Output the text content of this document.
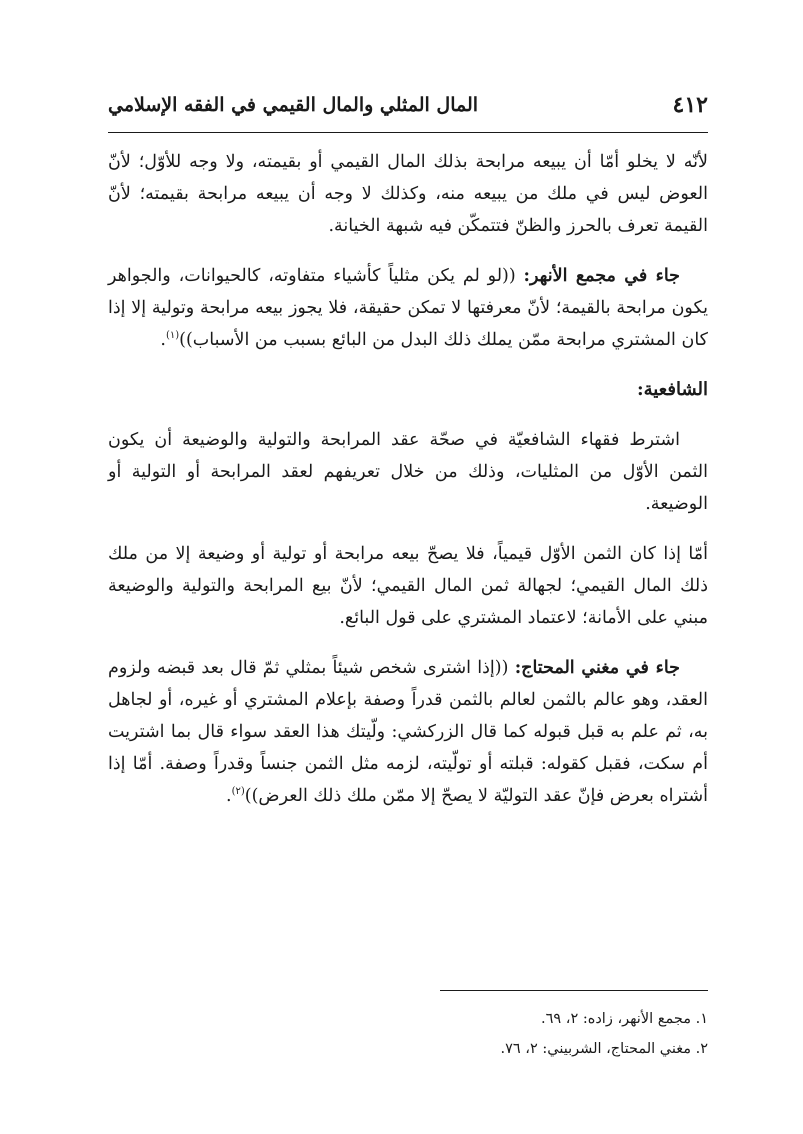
٤١٢
المال المثلي والمال القيمي في الفقه الإسلامي

لأنّه لا يخلو أمّا أن يبيعه مرابحة بذلك المال القيمي أو بقيمته، ولا وجه للأوّل؛ لأنّ العوض ليس في ملك من يبيعه منه، وكذلك لا وجه أن يبيعه مرابحة بقيمته؛ لأنّ القيمة تعرف بالحرز والظنّ فتتمكّن فيه شبهة الخيانة.

جاء في مجمع الأنهر: ((لو لم يكن مثلياً كأشياء متفاوته، كالحيوانات، والجواهر يكون مرابحة بالقيمة؛ لأنّ معرفتها لا تمكن حقيقة، فلا يجوز بيعه مرابحة وتولية إلا إذا كان المشتري مرابحة ممّن يملك ذلك البدل من البائع بسبب من الأسباب))$^{(١)}$.

الشافعية:

اشترط فقهاء الشافعيّة في صحّة عقد المرابحة والتولية والوضيعة أن يكون الثمن الأوّل من المثليات، وذلك من خلال تعريفهم لعقد المرابحة أو التولية أو الوضيعة.

أمّا إذا كان الثمن الأوّل قيمياً، فلا يصحّ بيعه مرابحة أو تولية أو وضيعة إلا من ملك ذلك المال القيمي؛ لجهالة ثمن المال القيمي؛ لأنّ بيع المرابحة والتولية والوضيعة مبني على الأمانة؛ لاعتماد المشتري على قول البائع.

جاء في مغني المحتاج: ((إذا اشترى شخص شيئاً بمثلي ثمّ قال بعد قبضه ولزوم العقد، وهو عالم بالثمن لعالم بالثمن قدراً وصفة بإعلام المشتري أو غيره، أو لجاهل به، ثم علم به قبل قبوله كما قال الزركشي: ولّيتك هذا العقد سواء قال بما اشتريت أم سكت، فقبل كقوله: قبلته أو تولّيته، لزمه مثل الثمن جنساً وقدراً وصفة. أمّا إذا أشتراه بعرض فإنّ عقد التوليّة لا يصحّ إلا ممّن ملك ذلك العرض))$^{(٢)}$.

١. مجمع الأنهر، زاده: ٢، ٦٩.

٢. مغني المحتاج، الشربيني: ٢، ٧٦.
